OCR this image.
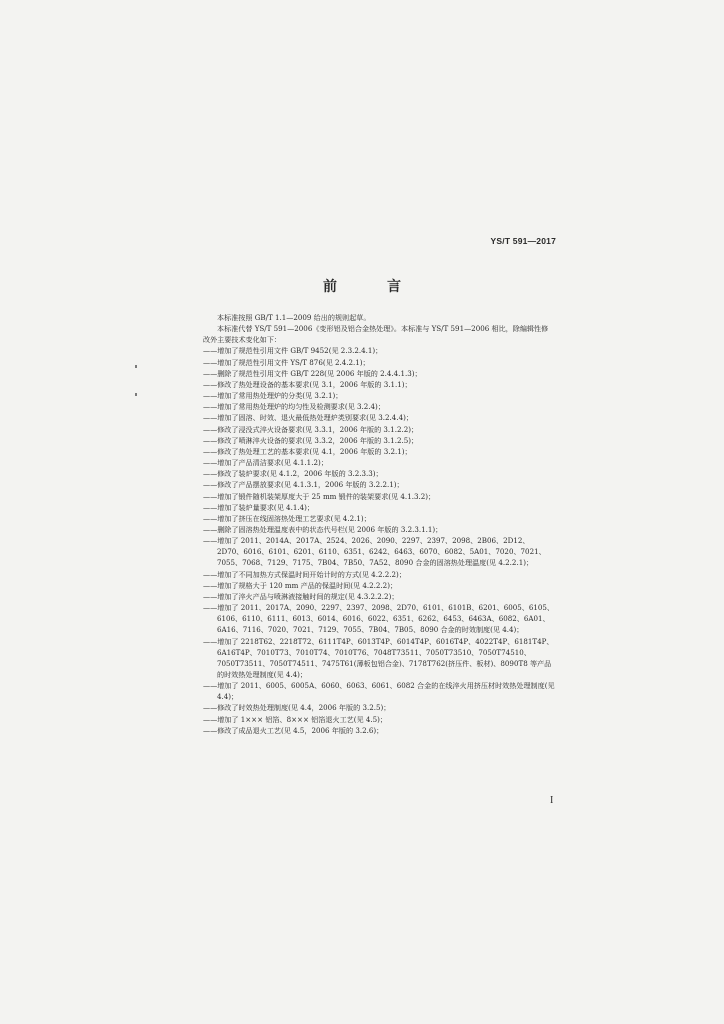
YS/T 591—2017
前　言

本标准按照 GB/T 1.1—2009 给出的规则起草。

本标准代替 YS/T 591—2006《变形铝及铝合金热处理》。本标准与 YS/T 591—2006 相比，除编辑性修改外主要技术变化如下：

——增加了规范性引用文件 GB/T 9452(见 2.3.2.4.1)；

——增加了规范性引用文件 YS/T 876(见 2.4.2.1)；

——删除了规范性引用文件 GB/T 228(见 2006 年版的 2.4.4.1.3)；

——修改了热处理设备的基本要求(见 3.1，2006 年版的 3.1.1)；

——增加了常用热处理炉的分类(见 3.2.1)；

——增加了常用热处理炉的均匀性及检测要求(见 3.2.4)；

——增加了固溶、时效、退火最低热处理炉类别要求(见 3.2.4.4)；

——修改了浸没式淬火设备要求(见 3.3.1，2006 年版的 3.1.2.2)；

——修改了喷淋淬火设备的要求(见 3.3.2，2006 年版的 3.1.2.5)；

——修改了热处理工艺的基本要求(见 4.1，2006 年版的 3.2.1)；

——增加了产品清洁要求(见 4.1.1.2)；

——修改了装炉要求(见 4.1.2，2006 年版的 3.2.3.3)；

——修改了产品摆放要求(见 4.1.3.1，2006 年版的 3.2.2.1)；

——增加了锻件随机装架厚度大于 25 mm 锻件的装架要求(见 4.1.3.2)；

——增加了装炉量要求(见 4.1.4)；

——增加了挤压在线固溶热处理工艺要求(见 4.2.1)；

——删除了固溶热处理温度表中的状态代号栏(见 2006 年版的 3.2.3.1.1)；

——增加了 2011、2014A、2017A、2524、2026、2090、2297、2397、2098、2B06、2D12、2D70、6016、6101、6201、6110、6351、6242、6463、6070、6082、5A01、7020、7021、7055、7068、7129、7175、7B04、7B50、7A52、8090 合金的固溶热处理温度(见 4.2.2.1)；

——增加了不同加热方式保温时间开始计时的方式(见 4.2.2.2)；

——增加了规格大于 120 mm 产品的保温时间(见 4.2.2.2)；

——增加了淬火产品与喷淋液接触时间的规定(见 4.3.2.2.2)；

——增加了 2011、2017A、2090、2297、2397、2098、2D70、6101、6101B、6201、6005、6105、6106、6110、6111、6013、6014、6016、6022、6351、6262、6453、6463A、6082、6A01、6A16、7116、7020、7021、7129、7055、7B04、7B05、8090 合金的时效制度(见 4.4)；

——增加了 2218T62、2218T72、6111T4P、6013T4P、6014T4P、6016T4P、4022T4P、6181T4P、6A16T4P、7010T73、7010T74、7010T76、7048T73511、7050T73510、7050T74510、7050T73511、7050T74511、7475T61(薄板包铝合金)、7178T762(挤压件、板材)、8090T8 等产品的时效热处理制度(见 4.4)；

——增加了 2011、6005、6005A、6060、6063、6061、6082 合金的在线淬火用挤压材时效热处理制度(见 4.4)；

——修改了时效热处理制度(见 4.4，2006 年版的 3.2.5)；

——增加了 1××× 铝箔、8××× 铝箔退火工艺(见 4.5)；

——修改了成品退火工艺(见 4.5，2006 年版的 3.2.6)；

I
